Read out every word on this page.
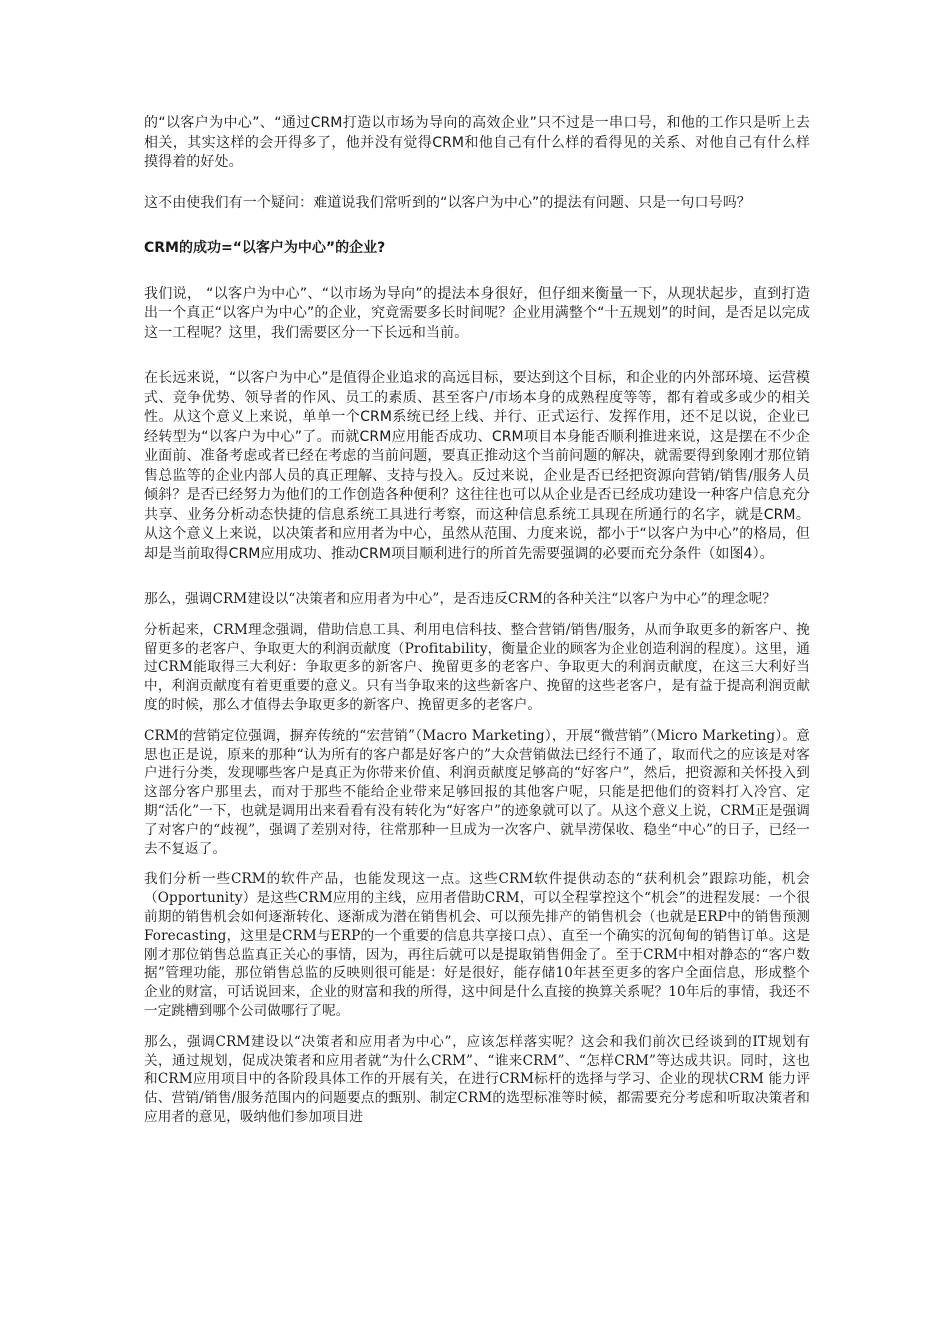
的“以客户为中心”、“通过CRM打造以市场为导向的高效企业”只不过是一串口号，和他的工作只是听上去相关，其实这样的会开得多了，他并没有觉得CRM和他自己有什么样的看得见的关系、对他自己有什么样摸得着的好处。

这不由使我们有一个疑问：难道说我们常听到的“以客户为中心”的提法有问题、只是一句口号吗？

CRM的成功=“以客户为中心”的企业?

我们说， “以客户为中心”、“以市场为导向”的提法本身很好，但仔细来衡量一下，从现状起步，直到打造出一个真正“以客户为中心”的企业，究竟需要多长时间呢？企业用满整个“十五规划”的时间，是否足以完成这一工程呢？这里，我们需要区分一下长远和当前。

在长远来说，“以客户为中心”是值得企业追求的高远目标，要达到这个目标，和企业的内外部环境、运营模式、竞争优势、领导者的作风、员工的素质、甚至客户/市场本身的成熟程度等等，都有着或多或少的相关性。从这个意义上来说，单单一个CRM系统已经上线、并行、正式运行、发挥作用，还不足以说，企业已经转型为“以客户为中心”了。而就CRM应用能否成功、CRM项目本身能否顺利推进来说，这是摆在不少企业面前、准备考虑或者已经在考虑的当前问题，要真正推动这个当前问题的解决，就需要得到象刚才那位销售总监等的企业内部人员的真正理解、支持与投入。反过来说，企业是否已经把资源向营销/销售/服务人员倾斜？是否已经努力为他们的工作创造各种便利？这往往也可以从企业是否已经成功建设一种客户信息充分共享、业务分析动态快捷的信息系统工具进行考察，而这种信息系统工具现在所通行的名字，就是CRM。从这个意义上来说，以决策者和应用者为中心，虽然从范围、力度来说，都小于“以客户为中心”的格局，但却是当前取得CRM应用成功、推动CRM项目顺利进行的所首先需要强调的必要而充分条件（如图4）。

那么，强调CRM建设以“决策者和应用者为中心”，是否违反CRM的各种关注“以客户为中心”的理念呢？

分析起来，CRM理念强调，借助信息工具、利用电信科技、整合营销/销售/服务，从而争取更多的新客户、挽留更多的老客户、争取更大的利润贡献度（Profitability，衡量企业的顾客为企业创造利润的程度）。这里，通过CRM能取得三大利好：争取更多的新客户、挽留更多的老客户、争取更大的利润贡献度，在这三大利好当中，利润贡献度有着更重要的意义。只有当争取来的这些新客户、挽留的这些老客户，是有益于提高利润贡献度的时候，那么才值得去争取更多的新客户、挽留更多的老客户。

CRM的营销定位强调，摒弃传统的“宏营销”（Macro Marketing），开展“微营销”（Micro Marketing）。意思也正是说，原来的那种“认为所有的客户都是好客户的”大众营销做法已经行不通了，取而代之的应该是对客户进行分类，发现哪些客户是真正为你带来价值、利润贡献度足够高的“好客户”，然后，把资源和关怀投入到这部分客户那里去，而对于那些不能给企业带来足够回报的其他客户呢，只能是把他们的资料打入冷宫、定期“活化”一下，也就是调用出来看看有没有转化为“好客户”的迹象就可以了。从这个意义上说，CRM正是强调了对客户的“歧视”，强调了差别对待，往常那种一旦成为一次客户、就旱涝保收、稳坐“中心”的日子，已经一去不复返了。

我们分析一些CRM的软件产品，也能发现这一点。这些CRM软件提供动态的“获利机会”跟踪功能，机会（Opportunity）是这些CRM应用的主线，应用者借助CRM，可以全程掌控这个“机会”的进程发展：一个很前期的销售机会如何逐渐转化、逐渐成为潜在销售机会、可以预先排产的销售机会（也就是ERP中的销售预测Forecasting，这里是CRM与ERP的一个重要的信息共享接口点）、直至一个确实的沉甸甸的销售订单。这是刚才那位销售总监真正关心的事情，因为，再往后就可以是提取销售佣金了。至于CRM中相对静态的“客户数据”管理功能，那位销售总监的反映则很可能是：好是很好，能存储10年甚至更多的客户全面信息，形成整个企业的财富，可话说回来，企业的财富和我的所得，这中间是什么直接的换算关系呢？10年后的事情，我还不一定跳槽到哪个公司做哪行了呢。

那么，强调CRM建设以“决策者和应用者为中心”，应该怎样落实呢？这会和我们前次已经谈到的IT规划有关，通过规划，促成决策者和应用者就“为什么CRM”、“谁来CRM”、“怎样CRM”等达成共识。同时，这也和CRM应用项目中的各阶段具体工作的开展有关，在进行CRM标杆的选择与学习、企业的现状CRM 能力评估、营销/销售/服务范围内的问题要点的甄别、制定CRM的选型标准等时候，都需要充分考虑和听取决策者和应用者的意见，吸纳他们参加项目进
